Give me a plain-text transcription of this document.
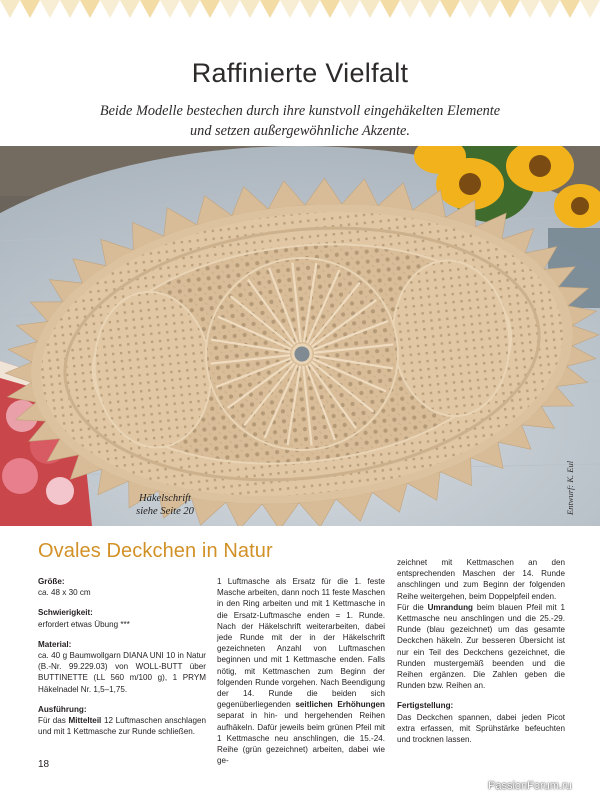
Raffinierte Vielfalt
Beide Modelle bestechen durch ihre kunstvoll eingehäkelten Elemente
und setzen außergewöhnliche Akzente.
Häkelschrift
siehe Seite 20	Entwurf: K. Eul
Ovales Deckchen in Natur

Größe:

ca. 48 x 30 cm

Schwierigkeit:

erfordert etwas Übung ***

Material:

ca. 40 g Baumwollgarn DIANA UNI 10 in Natur (B.-Nr. 99.229.03) von WOLL-BUTT über BUTTINETTE (LL 560 m/100 g), 1 PRYM Häkelnadel Nr. 1,5–1,75.

Ausführung:

Für das Mittelteil 12 Luftmaschen anschlagen und mit 1 Kettmasche zur Runde schließen.

1 Luftmasche als Ersatz für die 1. feste Masche arbeiten, dann noch 11 feste Maschen in den Ring arbeiten und mit 1 Kettmasche in die Ersatz-Luftmasche enden = 1. Runde. Nach der Häkelschrift weiterarbeiten, dabei jede Runde mit der in der Häkelschrift gezeichneten Anzahl von Luftmaschen beginnen und mit 1 Kettmasche enden. Falls nötig, mit Kettmaschen zum Beginn der folgenden Runde vorgehen. Nach Beendigung der 14. Runde die beiden sich gegenüberliegenden seitlichen Erhöhungen separat in hin- und hergehenden Reihen aufhäkeln. Dafür jeweils beim grünen Pfeil mit 1 Kettmasche neu anschlingen, die 15.-24. Reihe (grün gezeichnet) arbeiten, dabei wie ge-

zeichnet mit Kettmaschen an den entsprechenden Maschen der 14. Runde anschlingen und zum Beginn der folgenden Reihe weitergehen, beim Doppelpfeil enden.

Für die Umrandung beim blauen Pfeil mit 1 Kettmasche neu anschlingen und die 25.-29. Runde (blau gezeichnet) um das gesamte Deckchen häkeln. Zur besseren Übersicht ist nur ein Teil des Deckchens gezeichnet, die Runden mustergemäß beenden und die Reihen ergänzen. Die Zahlen geben die Runden bzw. Reihen an.

Fertigstellung:

Das Deckchen spannen, dabei jeden Picot extra erfassen, mit Sprühstärke befeuchten und trocknen lassen.

18
PassionForum.ru
